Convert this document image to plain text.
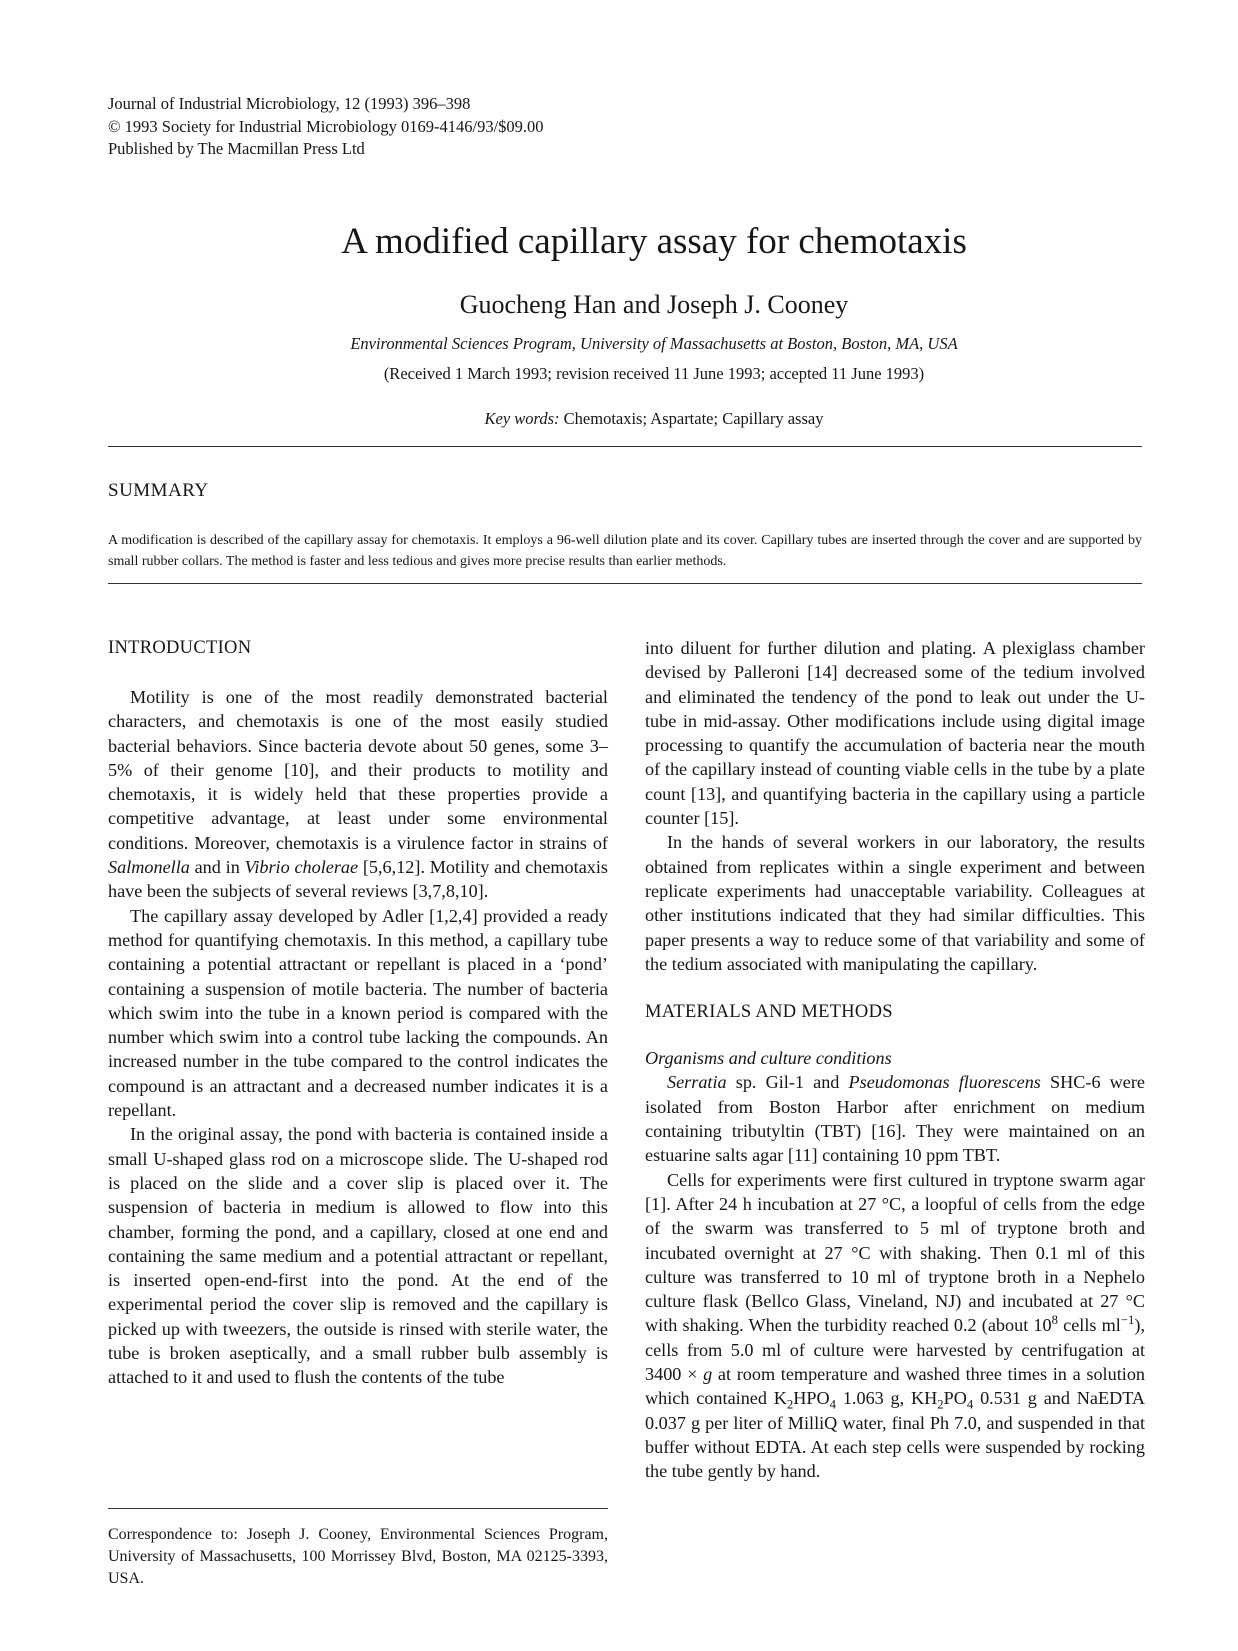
Journal of Industrial Microbiology, 12 (1993) 396–398
© 1993 Society for Industrial Microbiology 0169-4146/93/$09.00
Published by The Macmillan Press Ltd
A modified capillary assay for chemotaxis
Guocheng Han and Joseph J. Cooney
Environmental Sciences Program, University of Massachusetts at Boston, Boston, MA, USA
(Received 1 March 1993; revision received 11 June 1993; accepted 11 June 1993)
Key words: Chemotaxis; Aspartate; Capillary assay
SUMMARY
A modification is described of the capillary assay for chemotaxis. It employs a 96-well dilution plate and its cover. Capillary tubes are inserted through the cover and are supported by small rubber collars. The method is faster and less tedious and gives more precise results than earlier methods.
INTRODUCTION

Motility is one of the most readily demonstrated bacterial characters, and chemotaxis is one of the most easily studied bacterial behaviors. Since bacteria devote about 50 genes, some 3–5% of their genome [10], and their products to motility and chemotaxis, it is widely held that these properties provide a competitive advantage, at least under some environmental conditions. Moreover, chemotaxis is a virulence factor in strains of Salmonella and in Vibrio cholerae [5,6,12]. Motility and chemotaxis have been the subjects of several reviews [3,7,8,10].

The capillary assay developed by Adler [1,2,4] provided a ready method for quantifying chemotaxis. In this method, a capillary tube containing a potential attractant or repellant is placed in a ‘pond’ containing a suspension of motile bacteria. The number of bacteria which swim into the tube in a known period is compared with the number which swim into a control tube lacking the compounds. An increased number in the tube compared to the control indicates the compound is an attractant and a decreased number indicates it is a repellant.

In the original assay, the pond with bacteria is contained inside a small U-shaped glass rod on a microscope slide. The U-shaped rod is placed on the slide and a cover slip is placed over it. The suspension of bacteria in medium is allowed to flow into this chamber, forming the pond, and a capillary, closed at one end and containing the same medium and a potential attractant or repellant, is inserted open-end-first into the pond. At the end of the experimental period the cover slip is removed and the capillary is picked up with tweezers, the outside is rinsed with sterile water, the tube is broken aseptically, and a small rubber bulb assembly is attached to it and used to flush the contents of the tube

Correspondence to: Joseph J. Cooney, Environmental Sciences Program, University of Massachusetts, 100 Morrissey Blvd, Boston, MA 02125-3393, USA.

into diluent for further dilution and plating. A plexiglass chamber devised by Palleroni [14] decreased some of the tedium involved and eliminated the tendency of the pond to leak out under the U-tube in mid-assay. Other modifications include using digital image processing to quantify the accumulation of bacteria near the mouth of the capillary instead of counting viable cells in the tube by a plate count [13], and quantifying bacteria in the capillary using a particle counter [15].

In the hands of several workers in our laboratory, the results obtained from replicates within a single experiment and between replicate experiments had unacceptable variability. Colleagues at other institutions indicated that they had similar difficulties. This paper presents a way to reduce some of that variability and some of the tedium associated with manipulating the capillary.

MATERIALS AND METHODS
Organisms and culture conditions

Serratia sp. Gil-1 and Pseudomonas fluorescens SHC-6 were isolated from Boston Harbor after enrichment on medium containing tributyltin (TBT) [16]. They were maintained on an estuarine salts agar [11] containing 10 ppm TBT.

Cells for experiments were first cultured in tryptone swarm agar [1]. After 24 h incubation at 27 °C, a loopful of cells from the edge of the swarm was transferred to 5 ml of tryptone broth and incubated overnight at 27 °C with shaking. Then 0.1 ml of this culture was transferred to 10 ml of tryptone broth in a Nephelo culture flask (Bellco Glass, Vineland, NJ) and incubated at 27 °C with shaking. When the turbidity reached 0.2 (about $10^8$ cells $ml^{-1}$), cells from 5.0 ml of culture were harvested by centrifugation at 3400 × g at room temperature and washed three times in a solution which contained $K_2HPO_4$ 1.063 g, $KH_2PO_4$ 0.531 g and NaEDTA 0.037 g per liter of MilliQ water, final Ph 7.0, and suspended in that buffer without EDTA. At each step cells were suspended by rocking the tube gently by hand.
